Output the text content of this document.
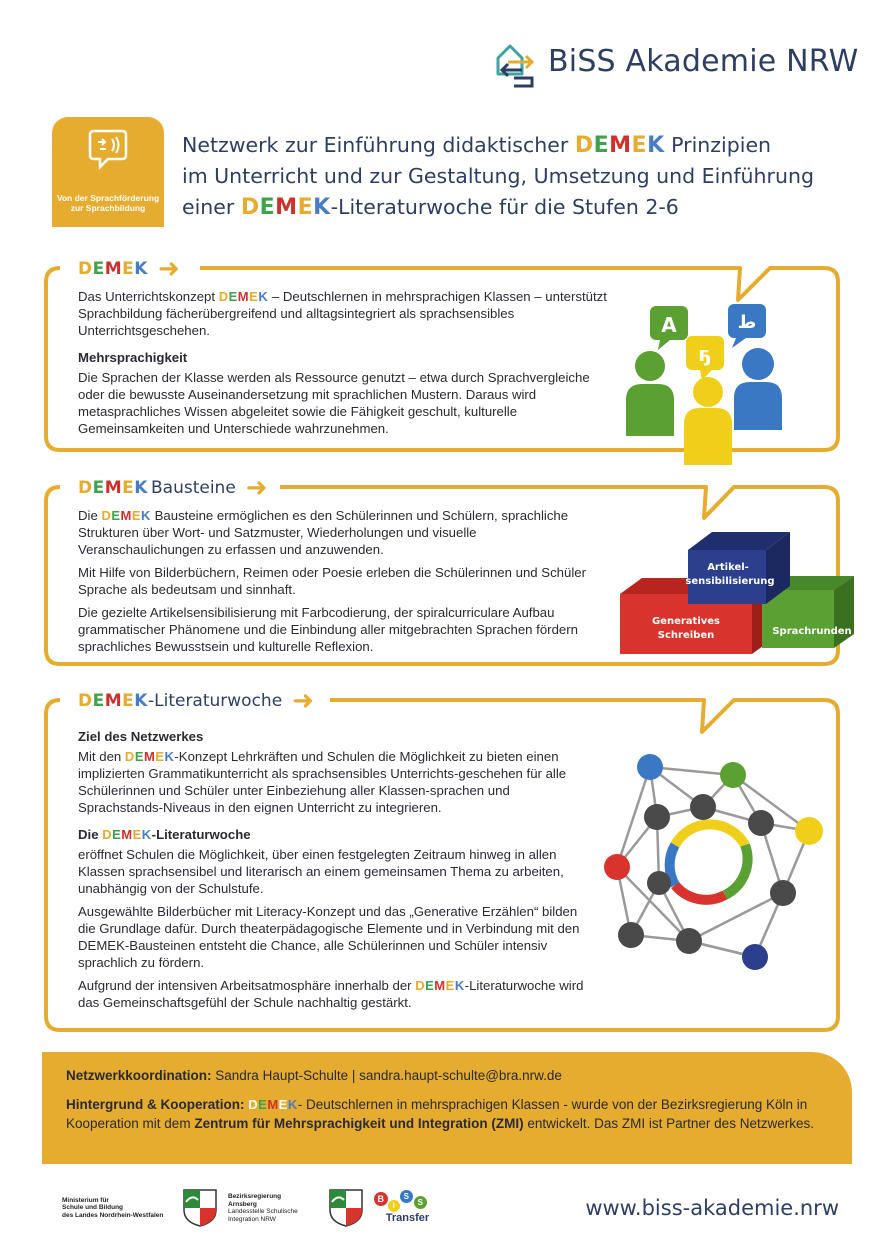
BiSS Akademie NRW
Von der Sprachförderung zur Sprachbildung
Netzwerk zur Einführung didaktischer DEMEK Prinzipien
im Unterricht und zur Gestaltung, Umsetzung und Einführung
einer DEMEK-Literaturwoche für die Stufen 2-6
DEMEK ➜

Das Unterrichtskonzept DEMEK – Deutschlernen in mehrsprachigen Klassen – unterstützt Sprachbildung fächerübergreifend und alltagsintegriert als sprachsensibles Unterrichtsgeschehen.

Mehrsprachigkeit

Die Sprachen der Klasse werden als Ressource genutzt – etwa durch Sprachvergleiche oder die bewusste Auseinandersetzung mit sprachlichen Mustern. Daraus wird metasprachliches Wissen abgeleitet sowie die Fähigkeit geschult, kulturelle Gemeinsamkeiten und Unterschiede wahrzunehmen.

A
ҕ
ط
DEMEK Bausteine ➜

Die DEMEK Bausteine ermöglichen es den Schülerinnen und Schülern, sprachliche Strukturen über Wort- und Satzmuster, Wiederholungen und visuelle Veranschaulichungen zu erfassen und anzuwenden.

Mit Hilfe von Bilderbüchern, Reimen oder Poesie erleben die Schülerinnen und Schüler Sprache als bedeutsam und sinnhaft.

Die gezielte Artikelsensibilisierung mit Farbcodierung, der spiralcurriculare Aufbau grammatischer Phänomene und die Einbindung aller mitgebrachten Sprachen fördern sprachliches Bewusstsein und kulturelle Reflexion.

Artikel-sensibilisierung
Generatives Schreiben	Sprachrunden
DEMEK -Literaturwoche ➜

Ziel des Netzwerkes

Mit den DEMEK-Konzept Lehrkräften und Schulen die Möglichkeit zu bieten einen implizierten Grammatikunterricht als sprachsensibles Unterrichts-geschehen für alle Schülerinnen und Schüler unter Einbeziehung aller Klassen-sprachen und Sprachstands-Niveaus in den eignen Unterricht zu integrieren.

Die DEMEK-Literaturwoche

eröffnet Schulen die Möglichkeit, über einen festgelegten Zeitraum hinweg in allen Klassen sprachsensibel und literarisch an einem gemeinsamen Thema zu arbeiten, unabhängig von der Schulstufe.

Ausgewählte Bilderbücher mit Literacy-Konzept und das „Generative Erzählen“ bilden die Grundlage dafür. Durch theaterpädagogische Elemente und in Verbindung mit den DEMEK-Bausteinen entsteht die Chance, alle Schülerinnen und Schüler intensiv sprachlich zu fördern.

Aufgrund der intensiven Arbeitsatmosphäre innerhalb der DEMEK-Literaturwoche wird das Gemeinschaftsgefühl der Schule nachhaltig gestärkt.

Netzwerkkoordination: Sandra Haupt-Schulte | sandra.haupt-schulte@bra.nrw.de

Hintergrund & Kooperation: DEMEK- Deutschlernen in mehrsprachigen Klassen - wurde von der Bezirksregierung Köln in Kooperation mit dem Zentrum für Mehrsprachigkeit und Integration (ZMI) entwickelt. Das ZMI ist Partner des Netzwerkes.

Ministerium für
Schule und Bildung
des Landes Nordrhein-Westfalen
Bezirksregierung
Arnsberg
Landesstelle Schulische
Integration NRW
B
i
S
S
Transfer	www.biss-akademie.nrw
